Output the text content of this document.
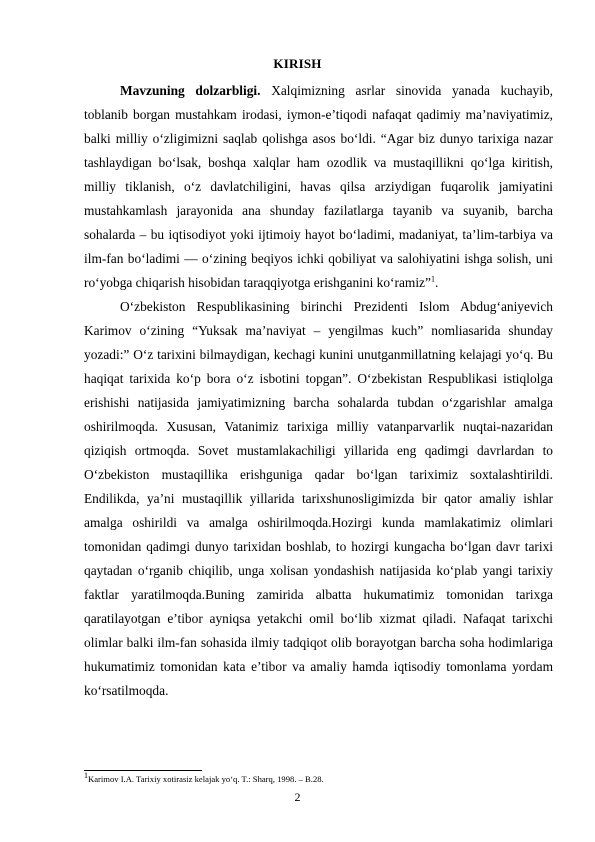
KIRISH

Mavzuning dolzarbligi. Xalqimizning asrlar sinovida yanada kuchayib, toblanib borgan mustahkam irodasi, iymon-e’tiqodi nafaqat qadimiy ma’naviyatimiz, balki milliy o‘zligimizni saqlab qolishga asos bo‘ldi. “Agar biz dunyo tarixiga nazar tashlaydigan bo‘lsak, boshqa xalqlar ham ozodlik va mustaqillikni qo‘lga kiritish, milliy tiklanish, o‘z davlatchiligini, havas qilsa arziydigan fuqarolik jamiyatini mustahkamlash jarayonida ana shunday fazilatlarga tayanib va suyanib, barcha sohalarda – bu iqtisodiyot yoki ijtimoiy hayot bo‘ladimi, madaniyat, ta’lim-tarbiya va ilm-fan bo‘ladimi — o‘zining beqiyos ichki qobiliyat va salohiyatini ishga solish, uni ro‘yobga chiqarish hisobidan taraqqiyotga erishganini ko‘ramiz”$^1$.

O‘zbekiston Respublikasining birinchi Prezidenti Islom Abdug‘aniyevich Karimov o‘zining “Yuksak ma’naviyat – yengilmas kuch” nomliasarida shunday yozadi:” O‘z tarixini bilmaydigan, kechagi kunini unutganmillatning kelajagi yo‘q. Bu haqiqat tarixida ko‘p bora o‘z isbotini topgan”. O‘zbekistan Respublikasi istiqlolga erishishi natijasida jamiyatimizning barcha sohalarda tubdan o‘zgarishlar amalga oshirilmoqda. Xususan, Vatanimiz tarixiga milliy vatanparvarlik nuqtai-nazaridan qiziqish ortmoqda. Sovet mustamlakachiligi yillarida eng qadimgi davrlardan to O‘zbekiston mustaqillika erishguniga qadar bo‘lgan tariximiz soxtalashtirildi. Endilikda, ya’ni mustaqillik yillarida tarixshunosligimizda bir qator amaliy ishlar amalga oshirildi va amalga oshirilmoqda.Hozirgi kunda mamlakatimiz olimlari tomonidan qadimgi dunyo tarixidan boshlab, to hozirgi kungacha bo‘lgan davr tarixi qaytadan o‘rganib chiqilib, unga xolisan yondashish natijasida ko‘plab yangi tarixiy faktlar yaratilmoqda.Buning zamirida albatta hukumatimiz tomonidan tarixga qaratilayotgan e’tibor ayniqsa yetakchi omil bo‘lib xizmat qiladi. Nafaqat tarixchi olimlar balki ilm-fan sohasida ilmiy tadqiqot olib borayotgan barcha soha hodimlariga hukumatimiz tomonidan kata e’tibor va amaliy hamda iqtisodiy tomonlama yordam ko‘rsatilmoqda.

$^1$Karimov I.A. Tarixiy xotirasiz kelajak yo‘q. T.: Sharq, 1998. – B.28.
2
